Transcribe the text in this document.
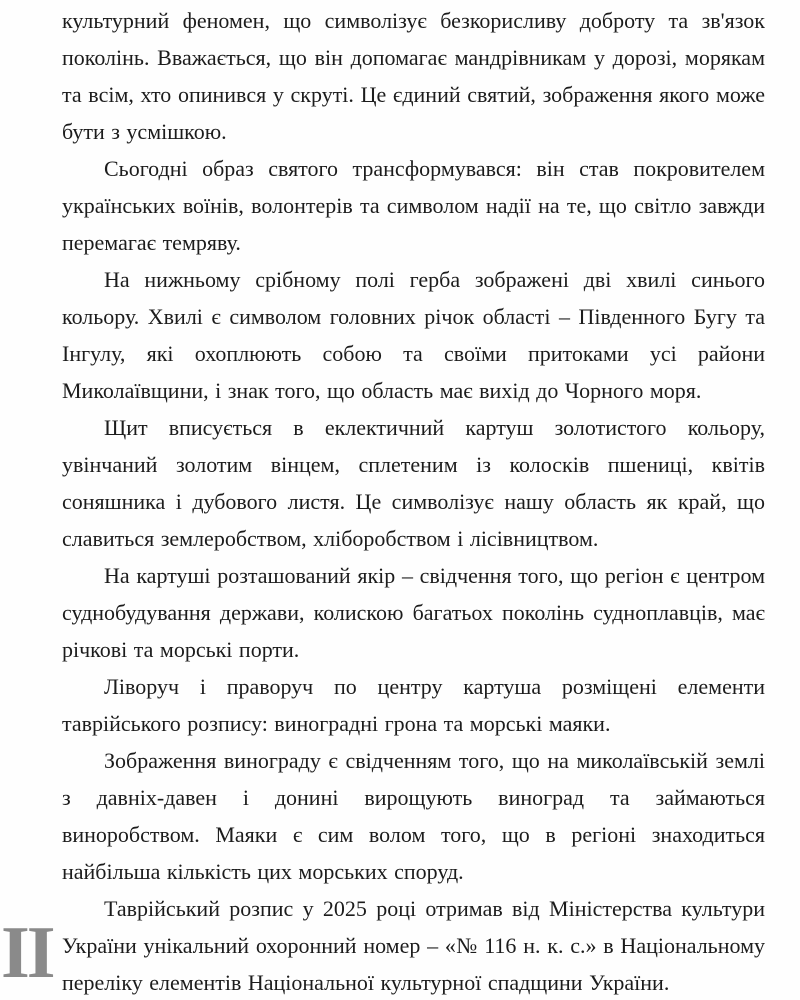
культурний феномен, що символізує безкорисливу доброту та зв'язок поколінь. Вважається, що він допомагає мандрівникам у дорозі, морякам та всім, хто опинився у скруті. Це єдиний святий, зображення якого може бути з усмішкою.

Сьогодні образ святого трансформувався: він став покровителем українських воїнів, волонтерів та символом надії на те, що світло завжди перемагає темряву.

На нижньому срібному полі герба зображені дві хвилі синього кольору. Хвилі є символом головних річок області – Південного Бугу та Інгулу, які охоплюють собою та своїми притоками усі райони Миколаївщини, і знак того, що область має вихід до Чорного моря.

Щит вписується в еклектичний картуш золотистого кольору, увінчаний золотим вінцем, сплетеним із колосків пшениці, квітів соняшника і дубового листя. Це символізує нашу область як край, що славиться землеробством, хліборобством і лісівництвом.

На картуші розташований якір – свідчення того, що регіон є центром суднобудування держави, колискою багатьох поколінь судноплавців, має річкові та морські порти.

Ліворуч і праворуч по центру картуша розміщені елементи таврійського розпису: виноградні грона та морські маяки.

Зображення винограду є свідченням того, що на миколаївській землі з давніх-давен і донині вирощують виноград та займаються виноробством. Маяки є сим волом того, що в регіоні знаходиться найбільша кількість цих морських споруд.

Таврійський розпис у 2025 році отримав від Міністерства культури України унікальний охоронний номер – «№ 116 н. к. с.» в Національному переліку елементів Національної культурної спадщини України.

II
